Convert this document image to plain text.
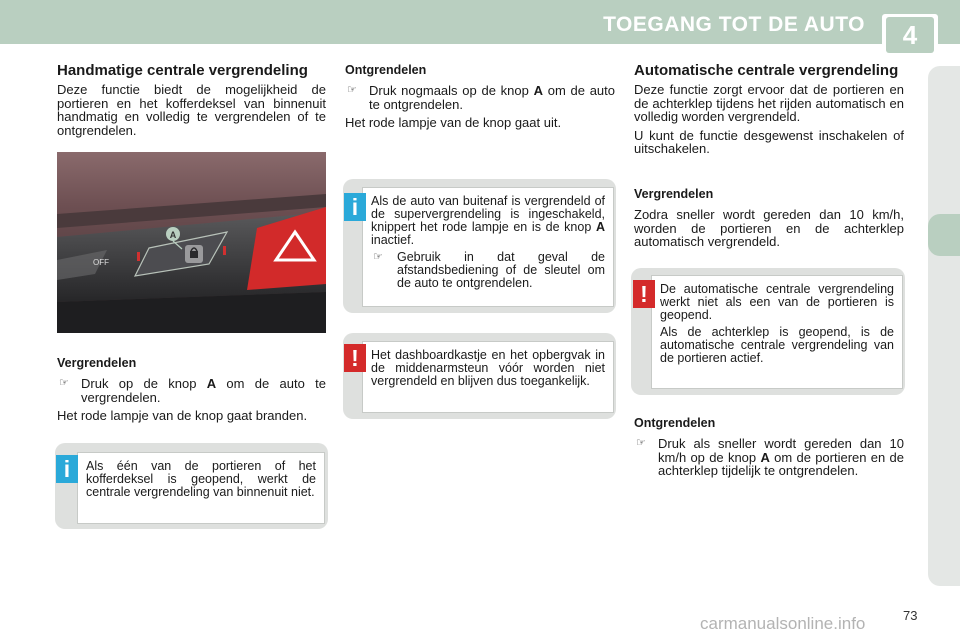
TOEGANG TOT DE AUTO	4
Handmatige centrale vergrendeling

Deze functie biedt de mogelijkheid de portieren en het kofferdeksel van binnenuit handmatig en volledig te vergrendelen of te ontgrendelen.

OFF
A
Vergrendelen
☞ Druk op de knop A om de auto te vergrendelen.

Het rode lampje van de knop gaat branden.

Als één van de portieren of het kofferdeksel is geopend, werkt de centrale vergrendeling van binnenuit niet.

i
Ontgrendelen
☞ Druk nogmaals op de knop A om de auto te ontgrendelen.

Het rode lampje van de knop gaat uit.

Als de auto van buitenaf is vergrendeld of de supervergrendeling is ingeschakeld, knippert het rode lampje en is de knop A inactief.

☞	Gebruik in dat geval de afstandsbediening of de sleutel om de auto te ontgrendelen.
i

Het dashboardkastje en het opbergvak in de middenarmsteun vóór worden niet vergrendeld en blijven dus toegankelijk.

!
Automatische centrale vergrendeling

Deze functie zorgt ervoor dat de portieren en de achterklep tijdens het rijden automatisch en volledig worden vergrendeld.

U kunt de functie desgewenst inschakelen of uitschakelen.

Vergrendelen

Zodra sneller wordt gereden dan 10 km/h, worden de portieren en de achterklep automatisch vergrendeld.

De automatische centrale vergrendeling werkt niet als een van de portieren is geopend.

Als de achterklep is geopend, is de automatische centrale vergrendeling van de portieren actief.

!
Ontgrendelen
☞ Druk als sneller wordt gereden dan 10 km/h op de knop A om de portieren en de achterklep tijdelijk te ontgrendelen.
carmanualsonline.info	73
